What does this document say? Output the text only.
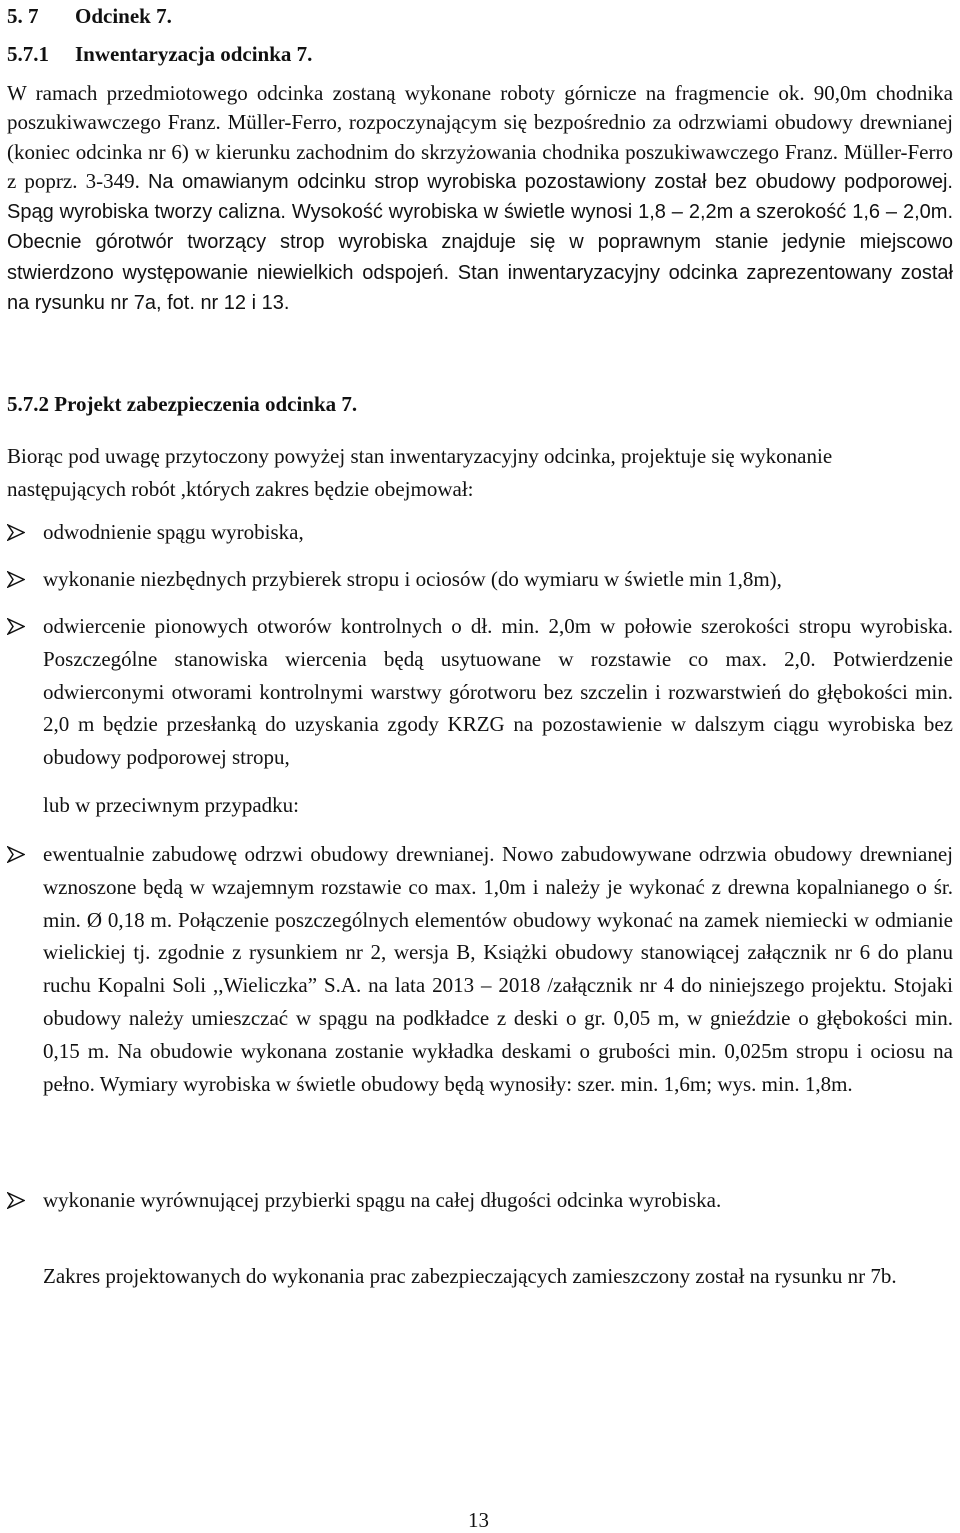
5. 7 Odcinek 7.
5.7.1 Inwentaryzacja odcinka 7.
W ramach przedmiotowego odcinka zostaną wykonane roboty górnicze na fragmencie ok. 90,0m chodnika poszukiwawczego Franz. Müller-Ferro, rozpoczynającym się bezpośrednio za odrzwiami obudowy drewnianej (koniec odcinka nr 6) w kierunku zachodnim do skrzyżowania chodnika poszukiwawczego Franz. Müller-Ferro z poprz. 3-349. Na omawianym odcinku strop wyrobiska pozostawiony został bez obudowy podporowej. Spąg wyrobiska tworzy calizna. Wysokość wyrobiska w świetle wynosi 1,8 – 2,2m a szerokość 1,6 – 2,0m. Obecnie górotwór tworzący strop wyrobiska znajduje się w poprawnym stanie jedynie miejscowo stwierdzono występowanie niewielkich odspojeń. Stan inwentaryzacyjny odcinka zaprezentowany został na rysunku nr 7a, fot. nr 12 i 13.
5.7.2 Projekt zabezpieczenia odcinka 7.
Biorąc pod uwagę przytoczony powyżej stan inwentaryzacyjny odcinka, projektuje się wykonanie następujących robót ,których zakres będzie obejmował:
odwodnienie spągu wyrobiska,
wykonanie niezbędnych przybierek stropu i ociosów (do wymiaru w świetle min 1,8m),
odwiercenie pionowych otworów kontrolnych o dł. min. 2,0m w połowie szerokości stropu wyrobiska. Poszczególne stanowiska wiercenia będą usytuowane w rozstawie co max. 2,0. Potwierdzenie odwierconymi otworami kontrolnymi warstwy górotworu bez szczelin i rozwarstwień do głębokości min. 2,0 m będzie przesłanką do uzyskania zgody KRZG na pozostawienie w dalszym ciągu wyrobiska bez obudowy podporowej stropu,
lub w przeciwnym przypadku:
ewentualnie zabudowę odrzwi obudowy drewnianej. Nowo zabudowywane odrzwia obudowy drewnianej wznoszone będą w wzajemnym rozstawie co max. 1,0m i należy je wykonać z drewna kopalnianego o śr. min. Ø 0,18 m. Połączenie poszczególnych elementów obudowy wykonać na zamek niemiecki w odmianie wielickiej tj. zgodnie z rysunkiem nr 2, wersja B, Książki obudowy stanowiącej załącznik nr 6 do planu ruchu Kopalni Soli ,,Wieliczka” S.A. na lata 2013 – 2018 /załącznik nr 4 do niniejszego projektu. Stojaki obudowy należy umieszczać w spągu na podkładce z deski o gr. 0,05 m, w gnieździe o głębokości min. 0,15 m. Na obudowie wykonana zostanie wykładka deskami o grubości min. 0,025m stropu i ociosu na pełno. Wymiary wyrobiska w świetle obudowy będą wynosiły: szer. min. 1,6m; wys. min. 1,8m.
wykonanie wyrównującej przybierki spągu na całej długości odcinka wyrobiska.
Zakres projektowanych do wykonania prac zabezpieczających zamieszczony został na rysunku nr 7b.
13
